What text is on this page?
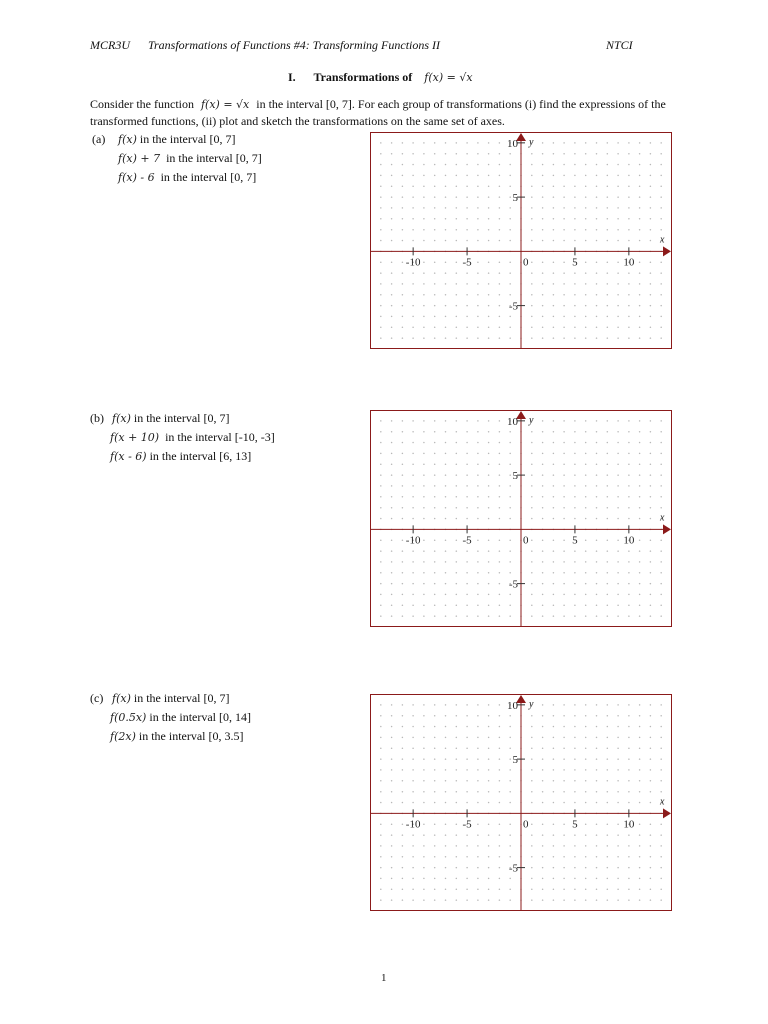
MCR3U Transformations of Functions #4: Transforming Functions II	NTCI
I. Transformations of f(x) = √x
Consider the function f(x) = √x in the interval [0, 7]. For each group of transformations (i) find the expressions of the transformed functions, (ii) plot and sketch the transformations on the same set of axes.
(a) f(x) in the interval [0, 7]
f(x) + 7 in the interval [0, 7]
f(x) - 6 in the interval [0, 7]
(b) f(x) in the interval [0, 7]
f(x + 10) in the interval [-10, -3]
f(x - 6) in the interval [6, 13]
(c) f(x) in the interval [0, 7]
f(0.5x) in the interval [0, 14]
f(2x) in the interval [0, 3.5]
-10	-5	0	5	10
5
10
-5
x
y
-10	-5	0	5	10
5
10
-5
x
y
-10	-5	0	5	10
5
10
-5
x
y
1
